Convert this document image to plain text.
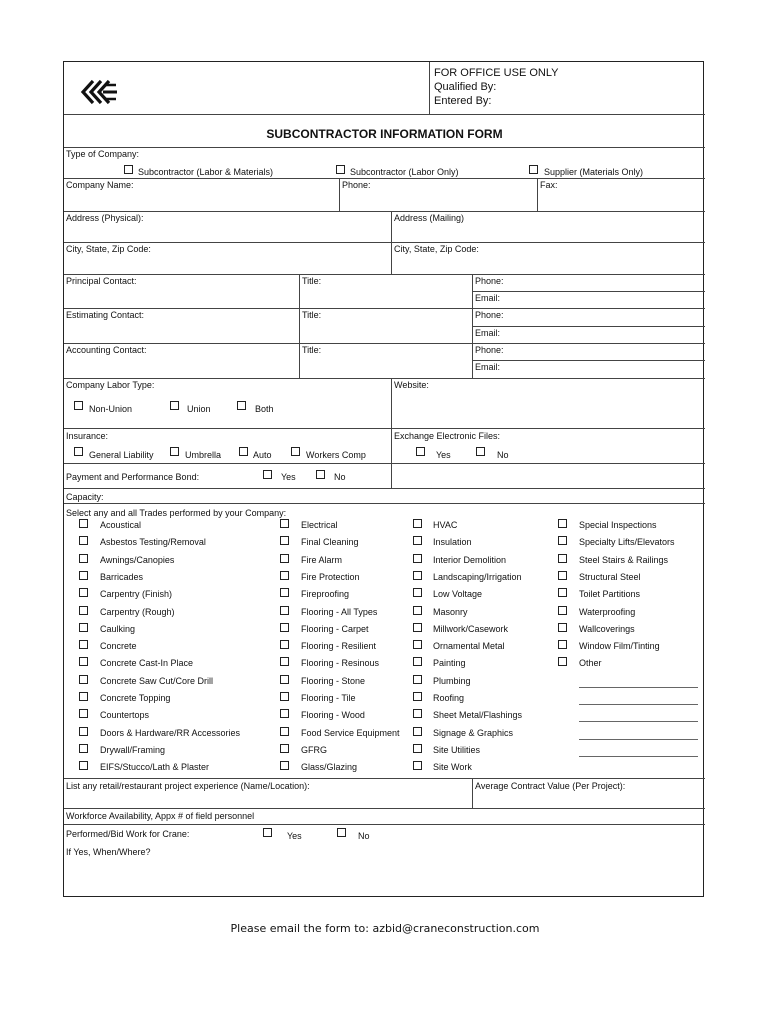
FOR OFFICE USE ONLY
Qualified By:
Entered By:
SUBCONTRACTOR INFORMATION FORM
Type of Company:
Subcontractor (Labor & Materials)	Subcontractor (Labor Only)	Supplier (Materials Only)
Company Name:	Phone:	Fax:
Address (Physical):	Address (Mailing)
City, State, Zip Code:	City, State, Zip Code:
Principal Contact:	Title:	Phone:
Email:
Estimating Contact:	Title:	Phone:
Email:
Accounting Contact:	Title:	Phone:
Email:
Company Labor Type:	Website:
Non-Union	Union	Both
Insurance:	Exchange Electronic Files:
General Liability	Umbrella	Auto	Workers Comp	Yes	No
Payment and Performance Bond:	Yes	No
Capacity:
Select any and all Trades performed by your Company:
Acoustical
Asbestos Testing/Removal
Awnings/Canopies
Barricades
Carpentry (Finish)
Carpentry (Rough)
Caulking
Concrete
Concrete Cast-In Place
Concrete Saw Cut/Core Drill
Concrete Topping
Countertops
Doors & Hardware/RR Accessories
Drywall/Framing
EIFS/Stucco/Lath & Plaster
Electrical
Final Cleaning
Fire Alarm
Fire Protection
Fireproofing
Flooring - All Types
Flooring - Carpet
Flooring - Resilient
Flooring - Resinous
Flooring - Stone
Flooring - Tile
Flooring - Wood
Food Service Equipment
GFRG
Glass/Glazing
HVAC
Insulation
Interior Demolition
Landscaping/Irrigation
Low Voltage
Masonry
Millwork/Casework
Ornamental Metal
Painting
Plumbing
Roofing
Sheet Metal/Flashings
Signage & Graphics
Site Utilities
Site Work
Special Inspections
Specialty Lifts/Elevators
Steel Stairs & Railings
Structural Steel
Toilet Partitions
Waterproofing
Wallcoverings
Window Film/Tinting
Other
List any retail/restaurant project experience (Name/Location):	Average Contract Value (Per Project):
Workforce Availability, Appx # of field personnel
Performed/Bid Work for Crane:	Yes	No
If Yes, When/Where?
Please email the form to: azbid@craneconstruction.com
